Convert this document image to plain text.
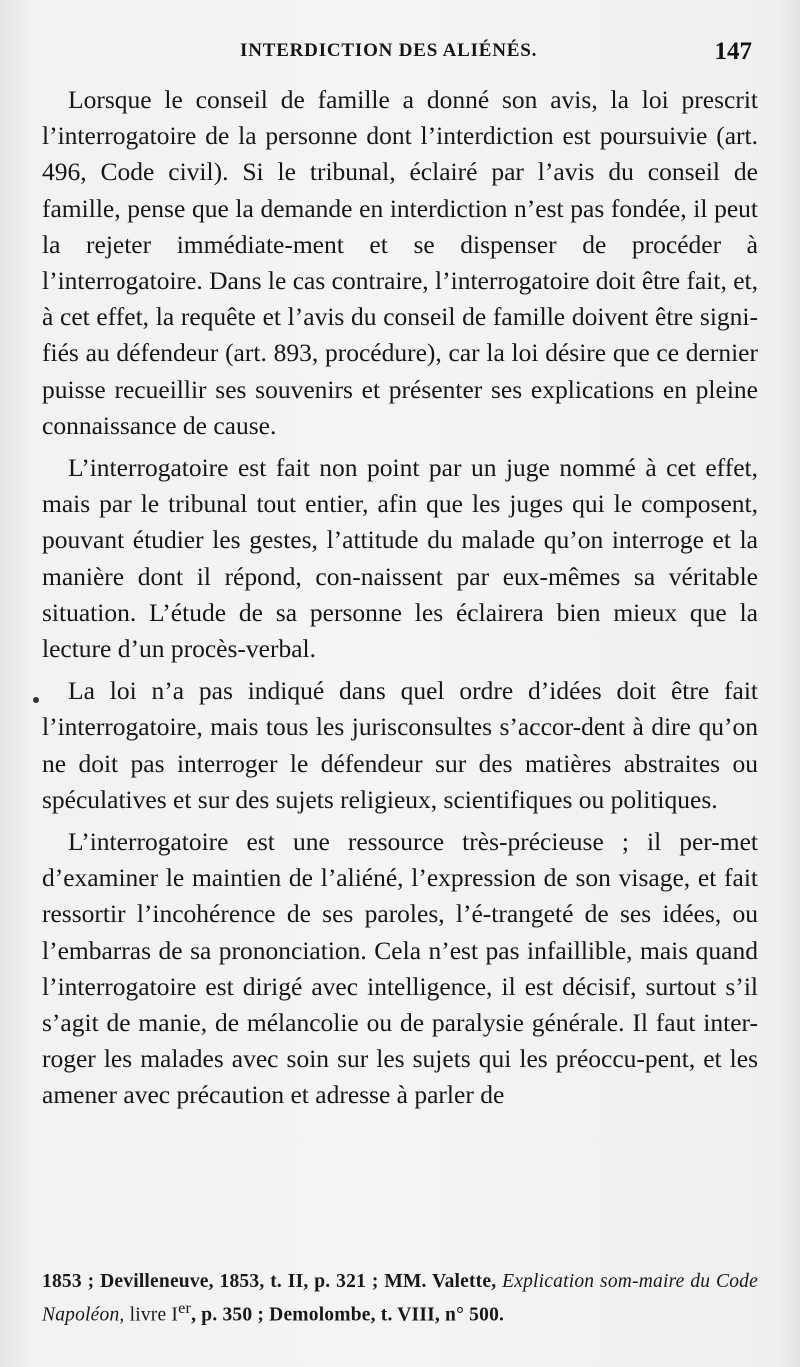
INTERDICTION DES ALIÉNÉS.	147

Lorsque le conseil de famille a donné son avis, la loi prescrit l’interrogatoire de la personne dont l’interdiction est poursuivie (art. 496, Code civil). Si le tribunal, éclairé par l’avis du conseil de famille, pense que la demande en interdiction n’est pas fondée, il peut la rejeter immédiate-ment et se dispenser de procéder à l’interrogatoire. Dans le cas contraire, l’interrogatoire doit être fait, et, à cet effet, la requête et l’avis du conseil de famille doivent être signi-fiés au défendeur (art. 893, procédure), car la loi désire que ce dernier puisse recueillir ses souvenirs et présenter ses explications en pleine connaissance de cause.

L’interrogatoire est fait non point par un juge nommé à cet effet, mais par le tribunal tout entier, afin que les juges qui le composent, pouvant étudier les gestes, l’attitude du malade qu’on interroge et la manière dont il répond, con-naissent par eux-mêmes sa véritable situation. L’étude de sa personne les éclairera bien mieux que la lecture d’un procès-verbal.

La loi n’a pas indiqué dans quel ordre d’idées doit être fait l’interrogatoire, mais tous les jurisconsultes s’accor-dent à dire qu’on ne doit pas interroger le défendeur sur des matières abstraites ou spéculatives et sur des sujets religieux, scientifiques ou politiques.

L’interrogatoire est une ressource très-précieuse ; il per-met d’examiner le maintien de l’aliéné, l’expression de son visage, et fait ressortir l’incohérence de ses paroles, l’é-trangeté de ses idées, ou l’embarras de sa prononciation. Cela n’est pas infaillible, mais quand l’interrogatoire est dirigé avec intelligence, il est décisif, surtout s’il s’agit de manie, de mélancolie ou de paralysie générale. Il faut inter-roger les malades avec soin sur les sujets qui les préoccu-pent, et les amener avec précaution et adresse à parler de

1853 ; Devilleneuve, 1853, t. II, p. 321 ; MM. Valette, Explication som-maire du Code Napoléon, livre Ier, p. 350 ; Demolombe, t. VIII, n° 500.
